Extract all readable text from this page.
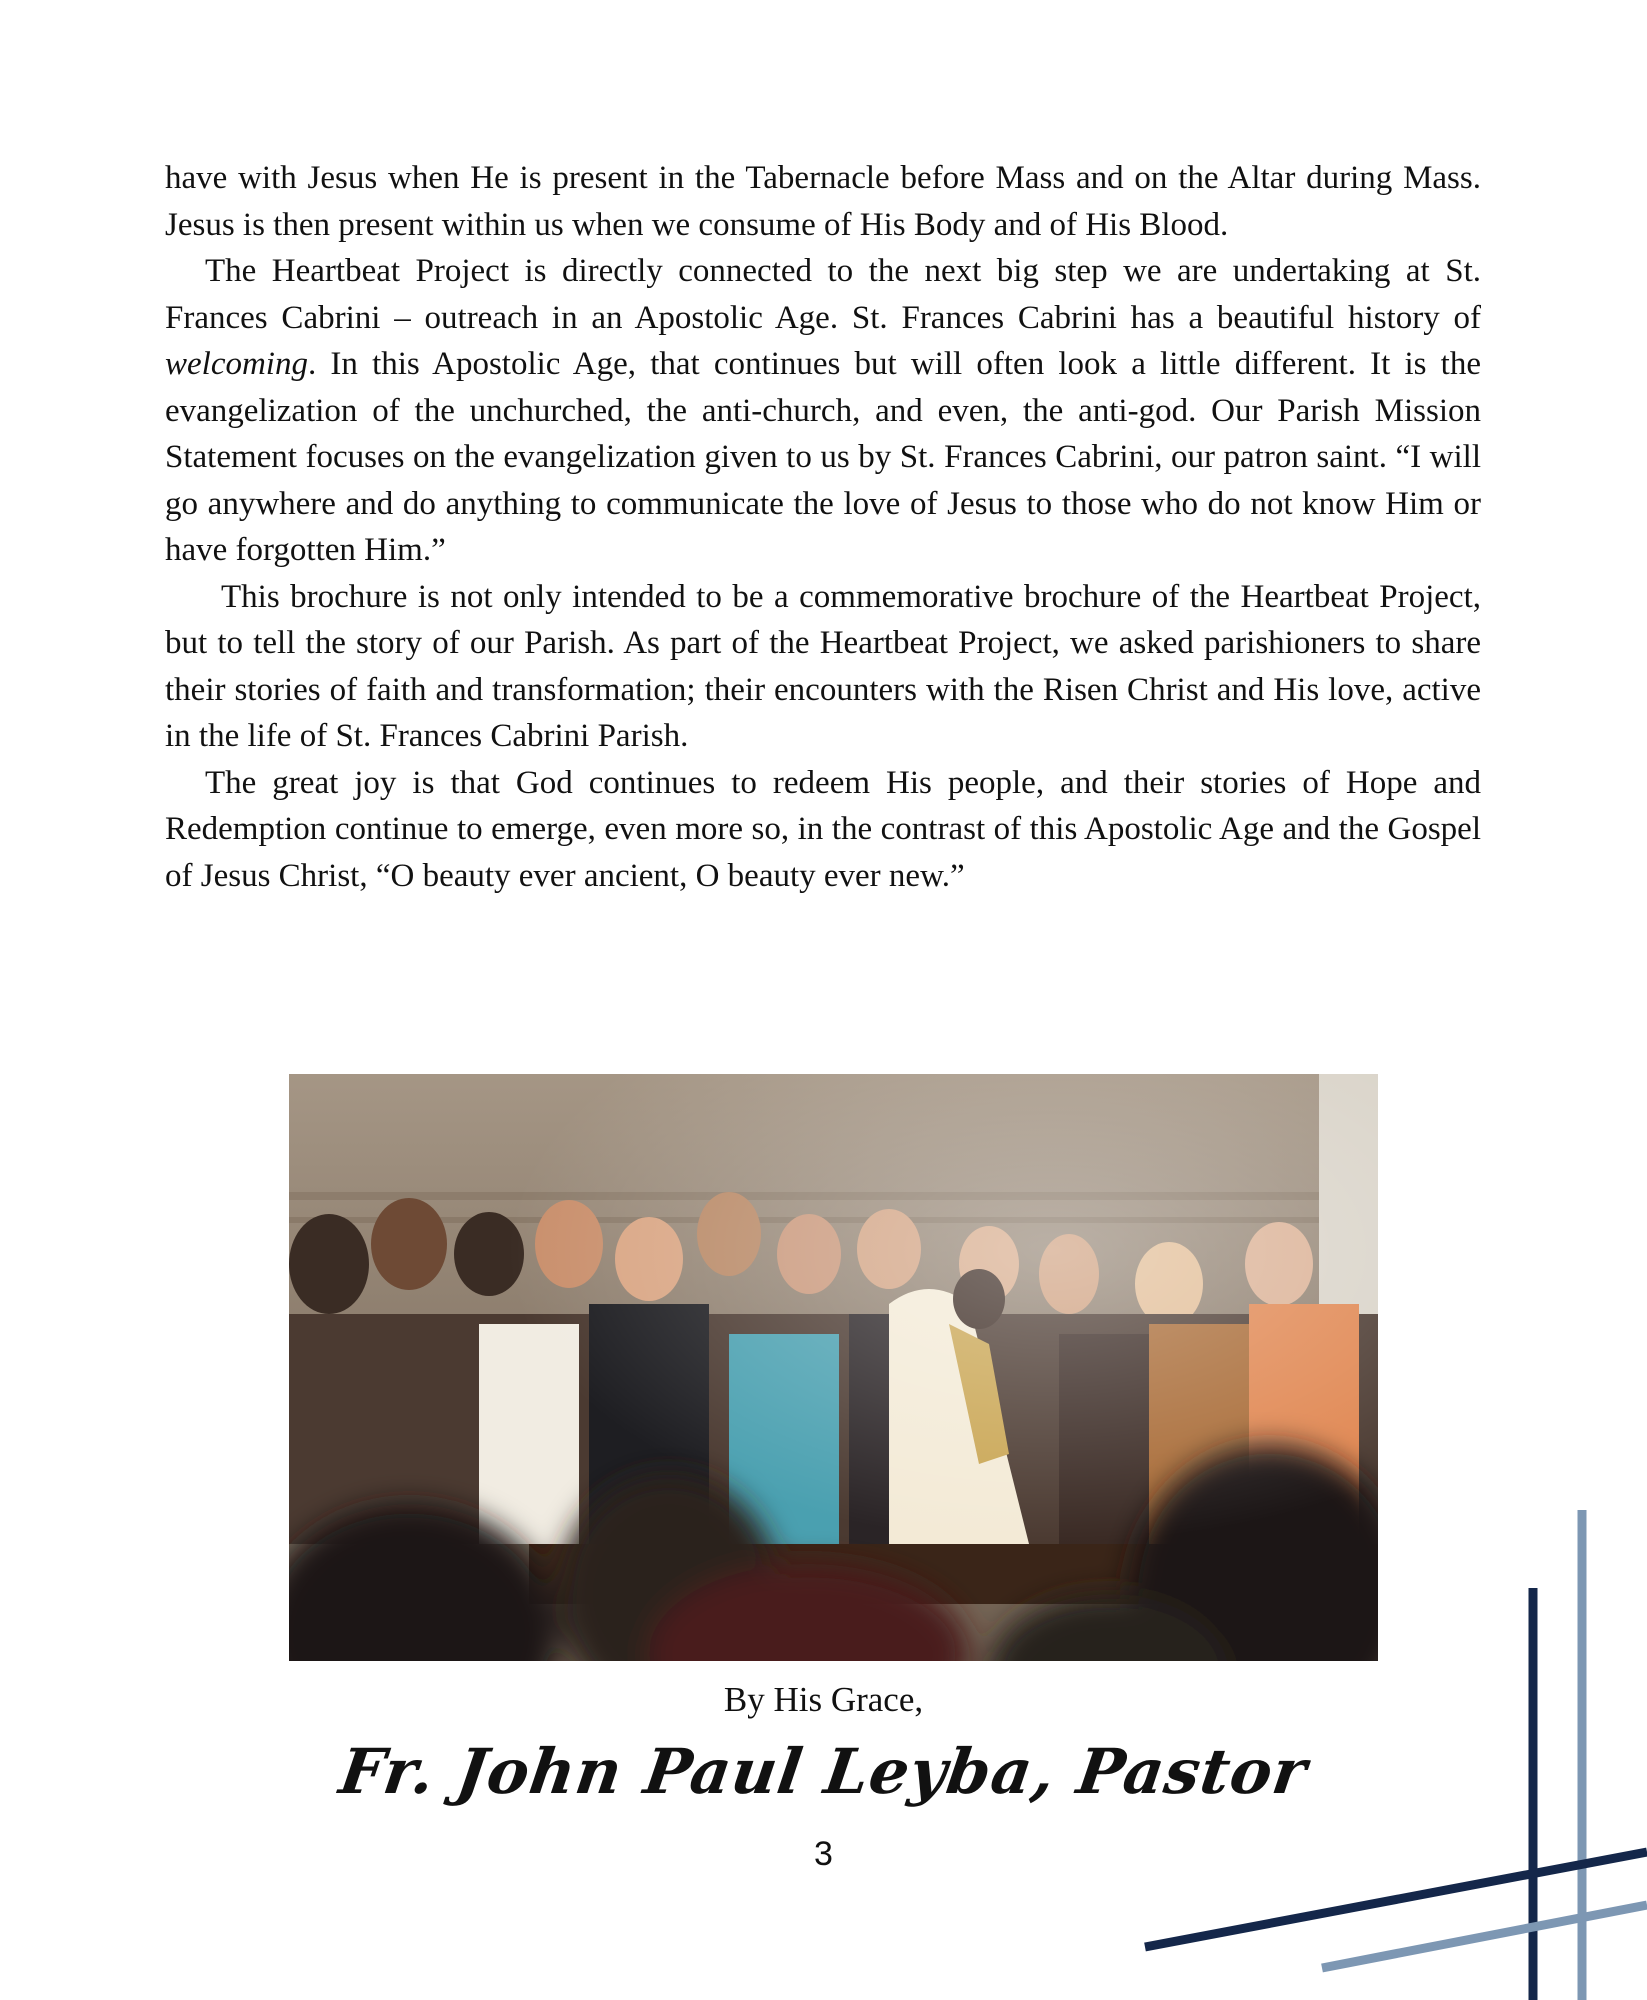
have with Jesus when He is present in the Tabernacle before Mass and on the Altar during Mass. Jesus is then present within us when we consume of His Body and of His Blood.

The Heartbeat Project is directly connected to the next big step we are undertaking at St. Frances Cabrini – outreach in an Apostolic Age. St. Frances Cabrini has a beautiful history of welcoming. In this Apostolic Age, that continues but will often look a little different. It is the evangelization of the unchurched, the anti-church, and even, the anti-god. Our Parish Mission Statement focuses on the evangelization given to us by St. Frances Cabrini, our patron saint. “I will go anywhere and do anything to communicate the love of Jesus to those who do not know Him or have forgotten Him.”

This brochure is not only intended to be a commemorative brochure of the Heartbeat Project, but to tell the story of our Parish. As part of the Heartbeat Project, we asked parishioners to share their stories of faith and transformation; their encounters with the Risen Christ and His love, active in the life of St. Frances Cabrini Parish.

The great joy is that God continues to redeem His people, and their stories of Hope and Redemption continue to emerge, even more so, in the contrast of this Apostolic Age and the Gospel of Jesus Christ, “O beauty ever ancient, O beauty ever new.”

By His Grace,
Fr. John Paul Leyba, Pastor
3
